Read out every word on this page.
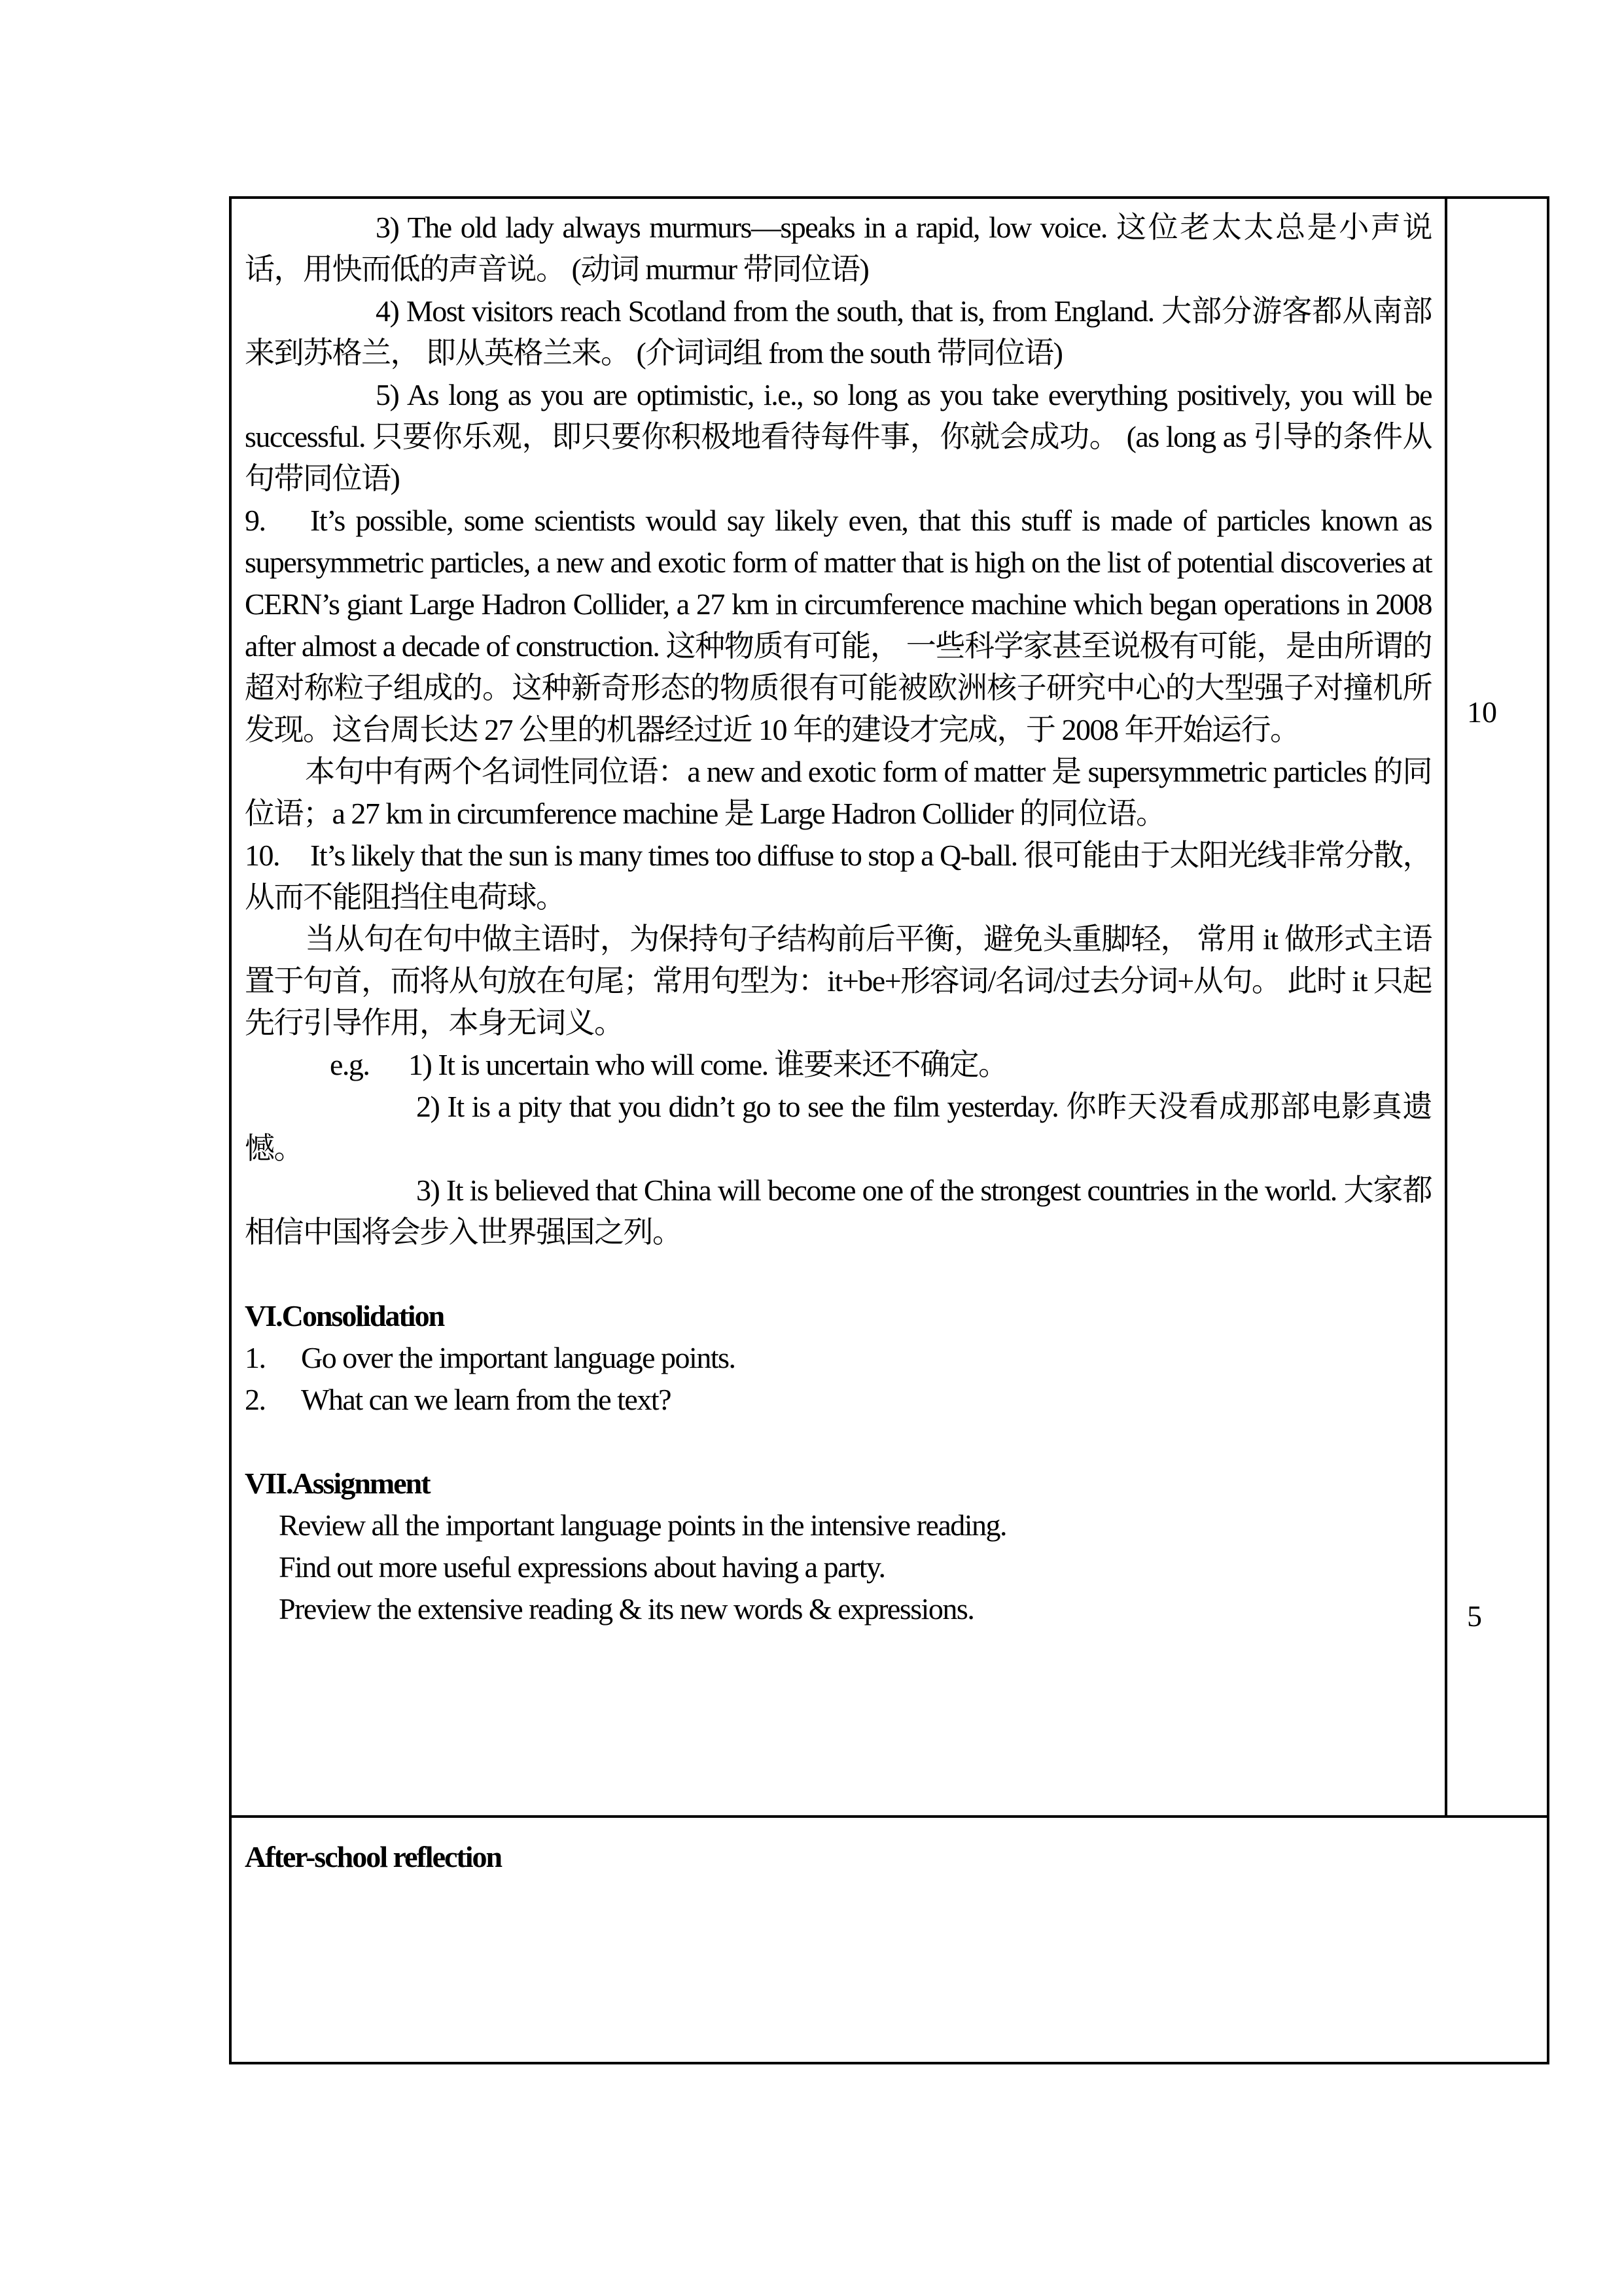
3) The old lady always murmurs—speaks in a rapid, low voice. 这位老太太总是小声说话，用快而低的声音说。 (动词 murmur 带同位语)

4) Most visitors reach Scotland from the south, that is, from England. 大部分游客都从南部来到苏格兰， 即从英格兰来。 (介词词组 from the south 带同位语)

5) As long as you are optimistic, i.e., so long as you take everything positively, you will be successful. 只要你乐观，即只要你积极地看待每件事，你就会成功。 (as long as 引导的条件从句带同位语)

9. It’s possible, some scientists would say likely even, that this stuff is made of particles known as supersymmetric particles, a new and exotic form of matter that is high on the list of potential discoveries at CERN’s giant Large Hadron Collider, a 27 km in circumference machine which began operations in 2008 after almost a decade of construction. 这种物质有可能， 一些科学家甚至说极有可能，是由所谓的超对称粒子组成的。这种新奇形态的物质很有可能被欧洲核子研究中心的大型强子对撞机所发现。这台周长达 27 公里的机器经过近 10 年的建设才完成，于 2008 年开始运行。

本句中有两个名词性同位语：a new and exotic form of matter 是 supersymmetric particles 的同位语；a 27 km in circumference machine 是 Large Hadron Collider 的同位语。

10. It’s likely that the sun is many times too diffuse to stop a Q-ball. 很可能由于太阳光线非常分散，从而不能阻挡住电荷球。

当从句在句中做主语时，为保持句子结构前后平衡，避免头重脚轻， 常用 it 做形式主语置于句首，而将从句放在句尾；常用句型为：it+be+形容词/名词/过去分词+从句。 此时 it 只起先行引导作用，本身无词义。

e.g. 1) It is uncertain who will come. 谁要来还不确定。

2) It is a pity that you didn’t go to see the film yesterday. 你昨天没看成那部电影真遗憾。

3) It is believed that China will become one of the strongest countries in the world. 大家都相信中国将会步入世界强国之列。

VI.Consolidation

1.	Go over the important language points.
2.	What can we learn from the text?

VII.Assignment

Review all the important language points in the intensive reading.

Find out more useful expressions about having a party.

Preview the extensive reading & its new words & expressions.

10
5

After-school reflection
